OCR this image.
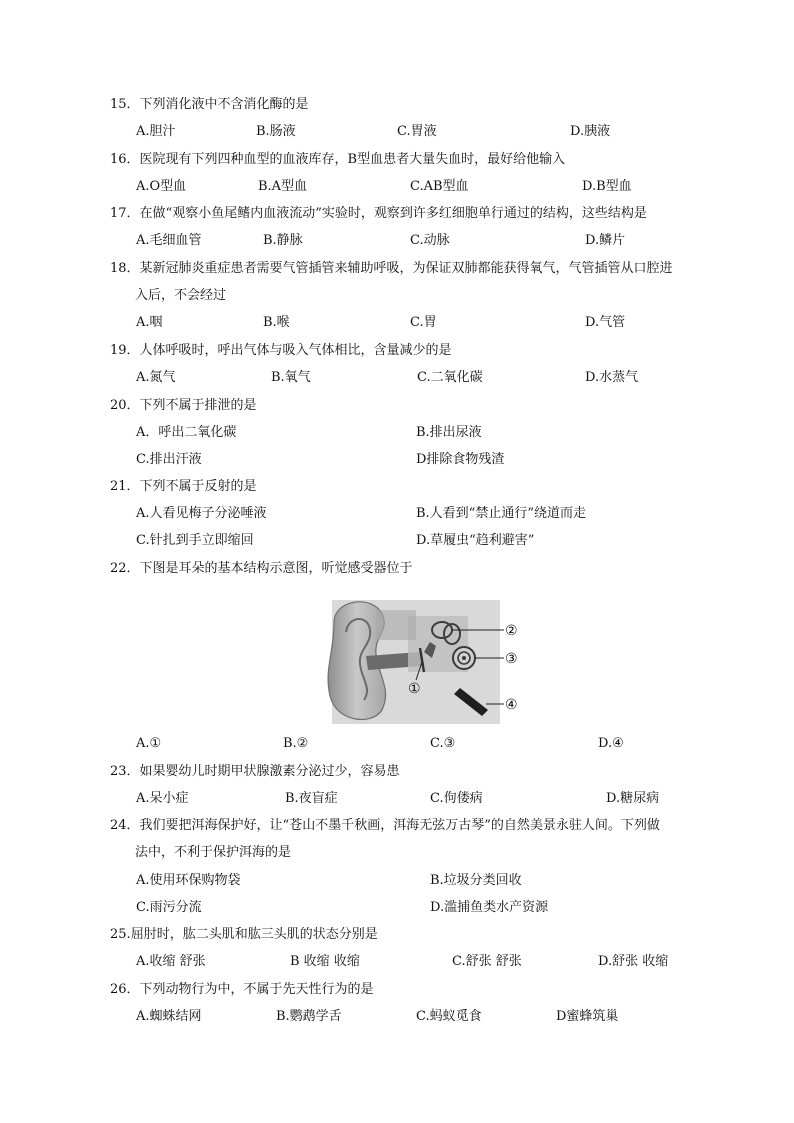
15．下列消化液中不含消化酶的是
A.胆汁	B.肠液	C.胃液	D.胰液
16．医院现有下列四种血型的血液库存，B型血患者大量失血时，最好给他输入
A.O型血	B.A型血	C.AB型血	D.B型血
17．在做“观察小鱼尾鳍内血液流动”实验时，观察到许多红细胞单行通过的结构，这些结构是
A.毛细血管	B.静脉	C.动脉	D.鳞片
18．某新冠肺炎重症患者需要气管插管来辅助呼吸，为保证双肺都能获得氧气，气管插管从口腔进
入后，不会经过
A.咽	B.喉	C.胃	D.气管
19．人体呼吸时，呼出气体与吸入气体相比，含量减少的是
A.氮气	B.氧气	C.二氧化碳	D.水蒸气
20．下列不属于排泄的是
A．呼出二氧化碳	B.排出尿液
C.排出汗液	D排除食物残渣
21．下列不属于反射的是
A.人看见梅子分泌唾液	B.人看到“禁止通行”绕道而走
C.针扎到手立即缩回	D.草履虫“趋利避害”
22．下图是耳朵的基本结构示意图，听觉感受器位于
②
③
①
④
A.①	B.②	C.③	D.④
23．如果婴幼儿时期甲状腺激素分泌过少，容易患
A.呆小症	B.夜盲症	C.佝偻病	D.糖尿病
24．我们要把洱海保护好，让“苍山不墨千秋画，洱海无弦万古琴”的自然美景永驻人间。下列做
法中，不利于保护洱海的是
A.使用环保购物袋	B.垃圾分类回收
C.雨污分流	D.滥捕鱼类水产资源
25.屈肘时，肱二头肌和肱三头肌的状态分别是
A.收缩 舒张	B 收缩 收缩	C.舒张 舒张	D.舒张 收缩
26．下列动物行为中，不属于先天性行为的是
A.蜘蛛结网	B.鹦鹉学舌	C.蚂蚁觅食	D蜜蜂筑巢
